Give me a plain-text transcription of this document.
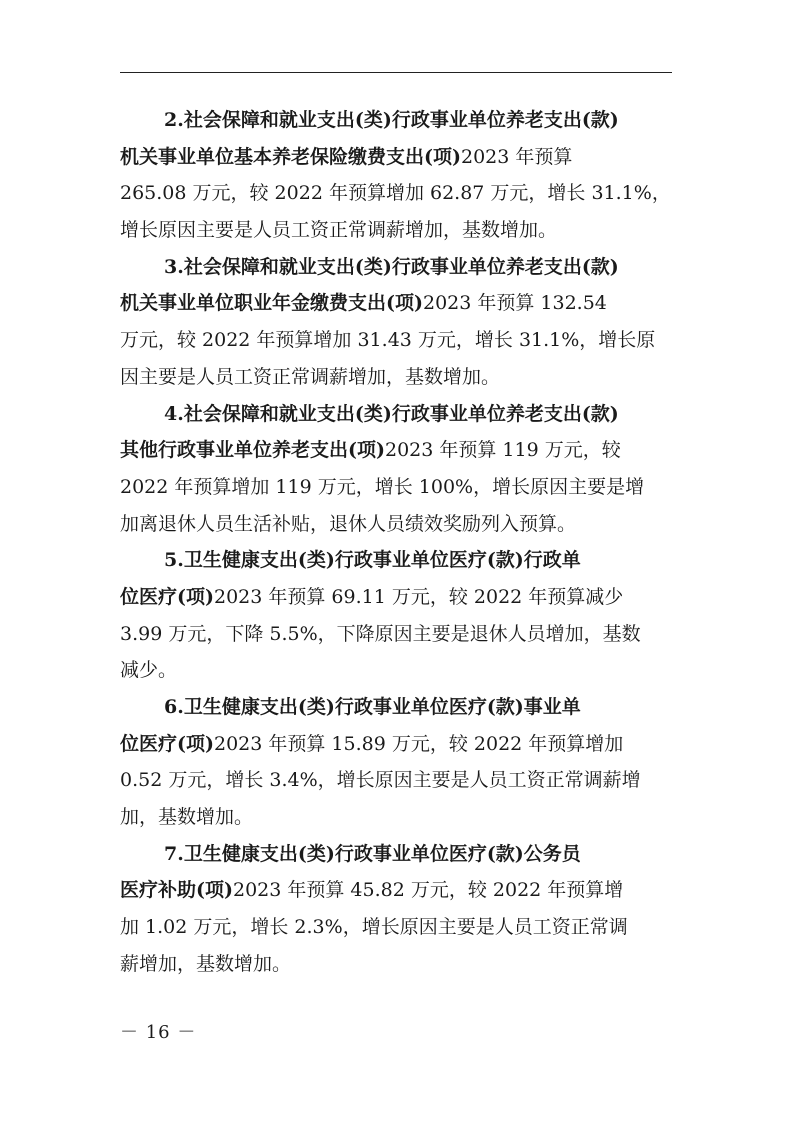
2.社会保障和就业支出(类)行政事业单位养老支出(款)
机关事业单位基本养老保险缴费支出(项)2023 年预算
265.08 万元，较 2022 年预算增加 62.87 万元，增长 31.1%，
增长原因主要是人员工资正常调薪增加，基数增加。
3.社会保障和就业支出(类)行政事业单位养老支出(款)
机关事业单位职业年金缴费支出(项)2023 年预算 132.54
万元，较 2022 年预算增加 31.43 万元，增长 31.1%，增长原
因主要是人员工资正常调薪增加，基数增加。
4.社会保障和就业支出(类)行政事业单位养老支出(款)
其他行政事业单位养老支出(项)2023 年预算 119 万元，较
2022 年预算增加 119 万元，增长 100%，增长原因主要是增
加离退休人员生活补贴，退休人员绩效奖励列入预算。
5.卫生健康支出(类)行政事业单位医疗(款)行政单
位医疗(项)2023 年预算 69.11 万元，较 2022 年预算减少
3.99 万元，下降 5.5%，下降原因主要是退休人员增加，基数
减少。
6.卫生健康支出(类)行政事业单位医疗(款)事业单
位医疗(项)2023 年预算 15.89 万元，较 2022 年预算增加
0.52 万元，增长 3.4%，增长原因主要是人员工资正常调薪增
加，基数增加。
7.卫生健康支出(类)行政事业单位医疗(款)公务员
医疗补助(项)2023 年预算 45.82 万元，较 2022 年预算增
加 1.02 万元，增长 2.3%，增长原因主要是人员工资正常调
薪增加，基数增加。
－ 16 －
